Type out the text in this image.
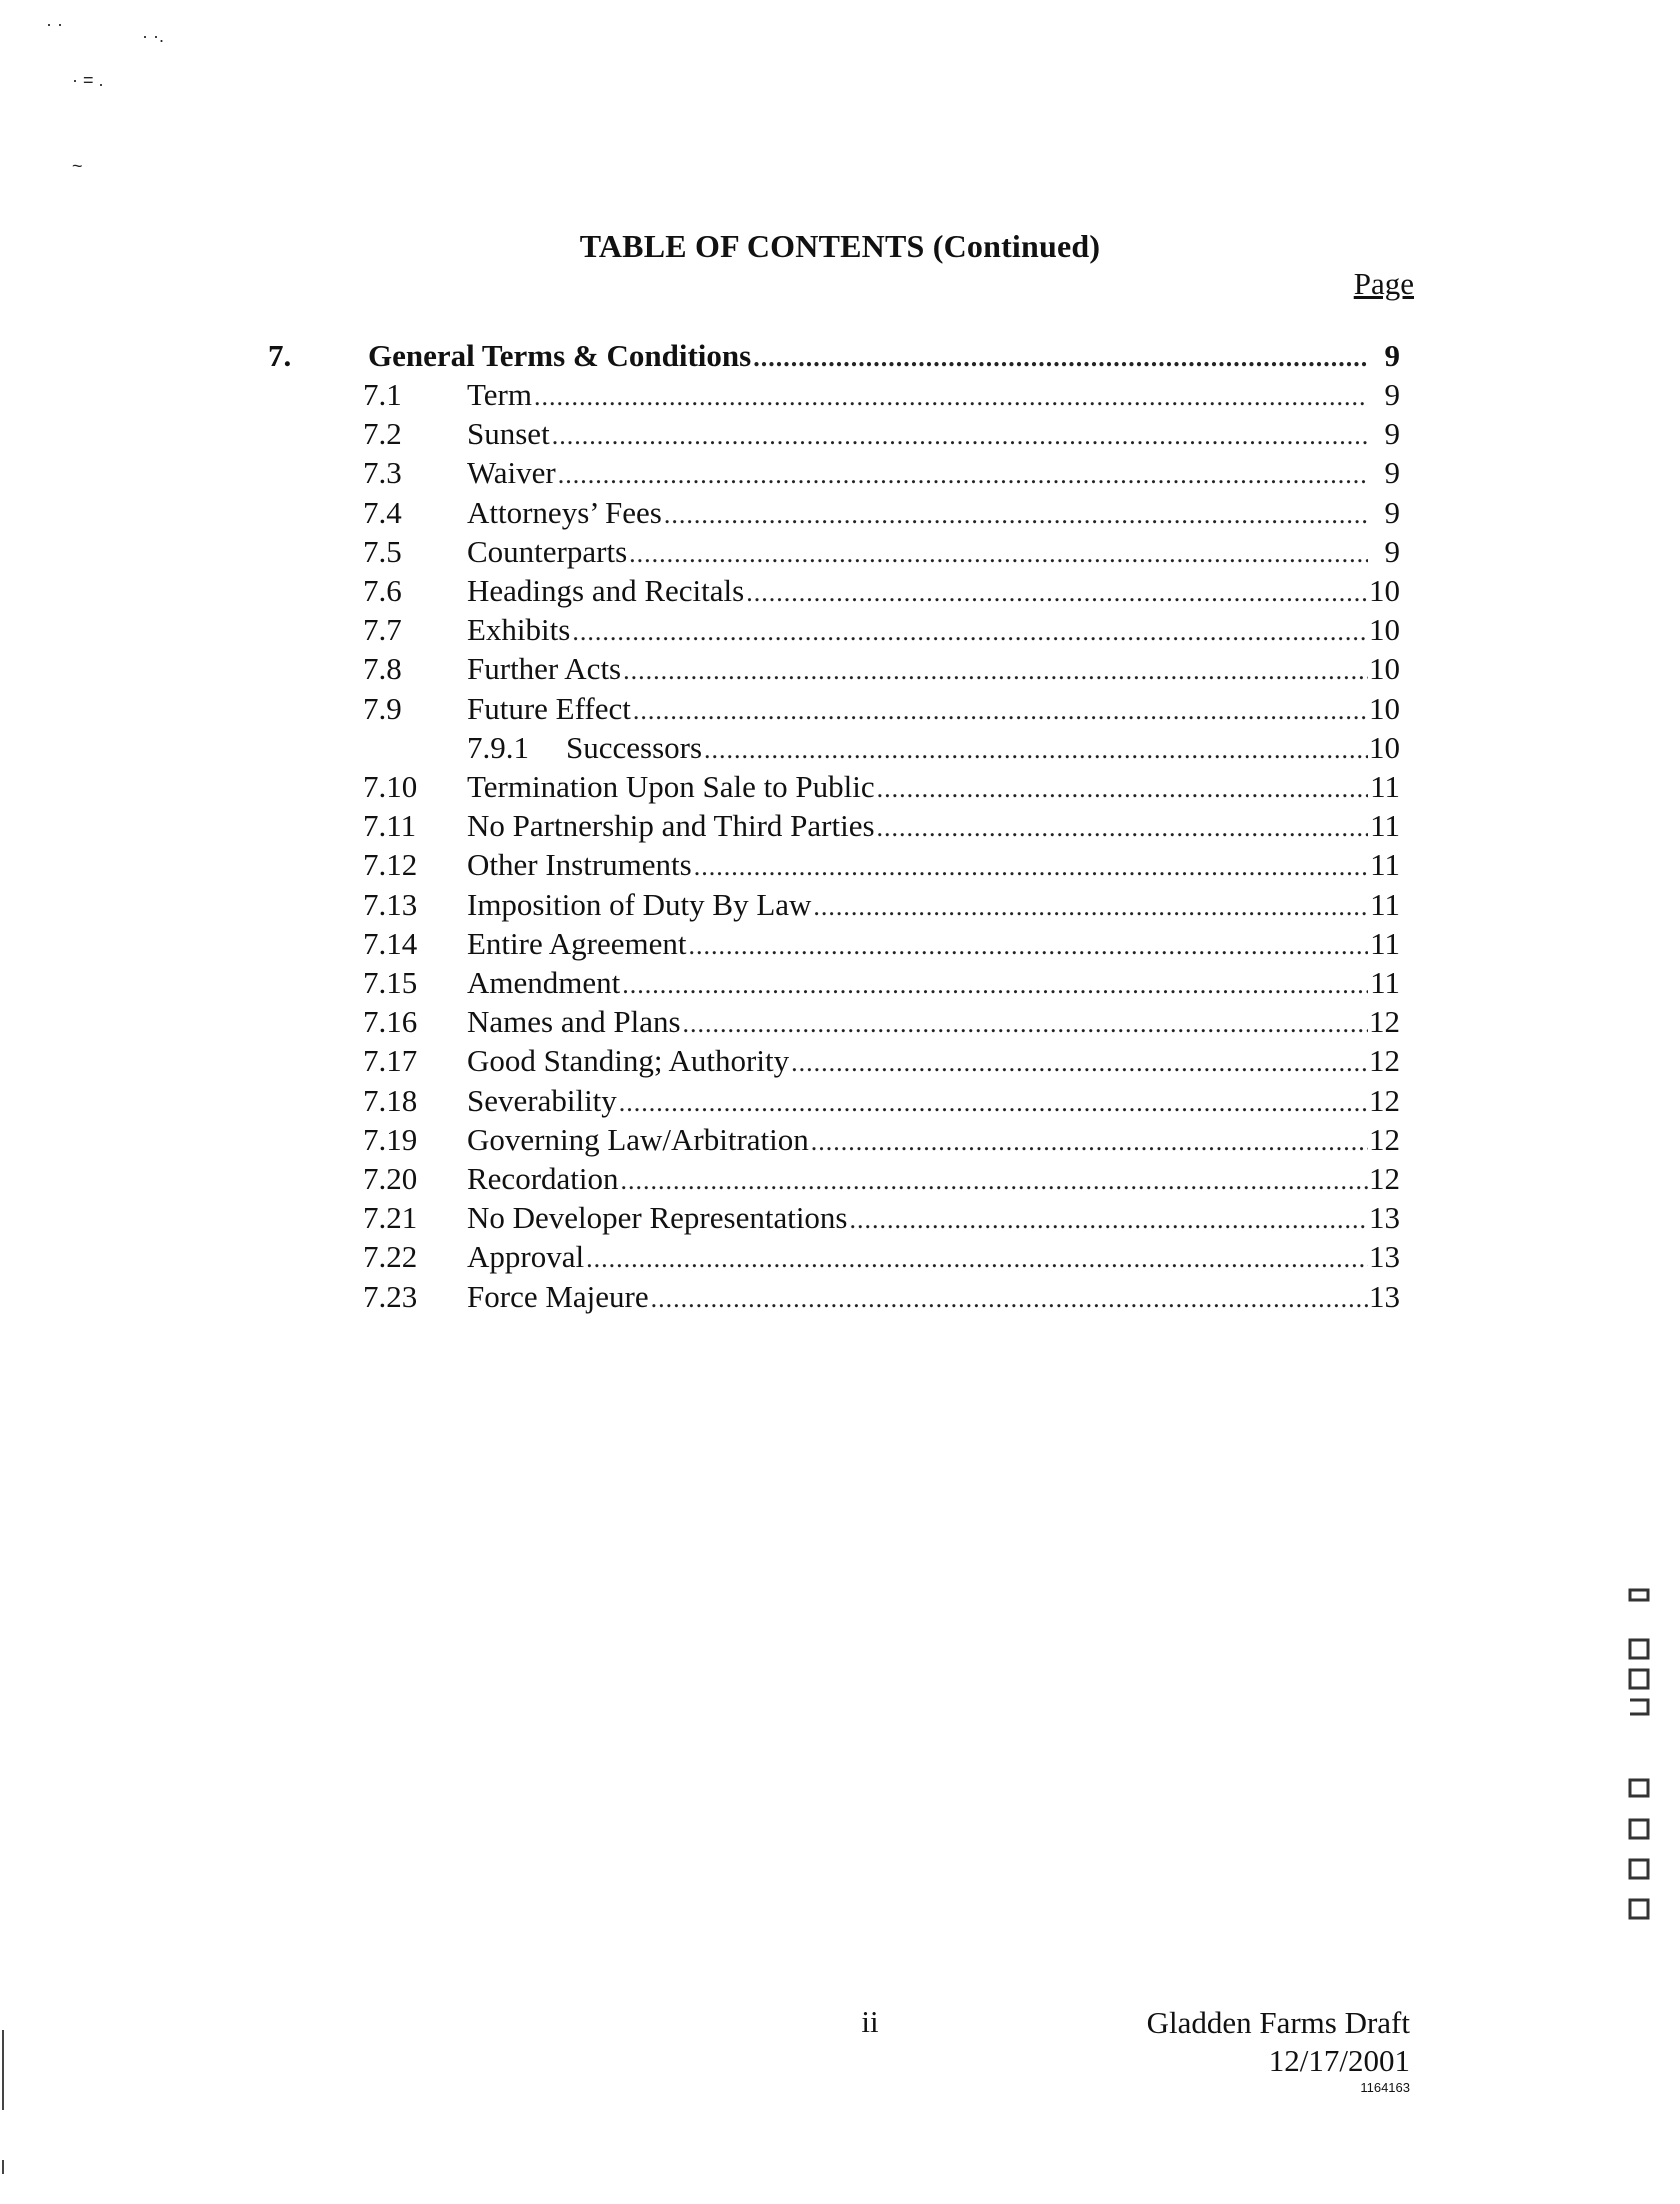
· ·
· ·.
· = .
~
TABLE OF CONTENTS (Continued)
Page
7. General Terms & Conditions .....	9
7.1 Term .....	9
7.2 Sunset .....	9
7.3 Waiver .....	9
7.4 Attorneys’ Fees .....	9
7.5 Counterparts .....	9
7.6 Headings and Recitals .....	10
7.7 Exhibits .....	10
7.8 Further Acts .....	10
7.9 Future Effect .....	10
7.9.1 Successors .....	10
7.10 Termination Upon Sale to Public .....	11
7.11 No Partnership and Third Parties .....	11
7.12 Other Instruments .....	11
7.13 Imposition of Duty By Law .....	11
7.14 Entire Agreement .....	11
7.15 Amendment .....	11
7.16 Names and Plans .....	12
7.17 Good Standing; Authority .....	12
7.18 Severability .....	12
7.19 Governing Law/Arbitration .....	12
7.20 Recordation .....	12
7.21 No Developer Representations .....	13
7.22 Approval .....	13
7.23 Force Majeure .....	13
ii	Gladden Farms Draft
12/17/2001
1164163
